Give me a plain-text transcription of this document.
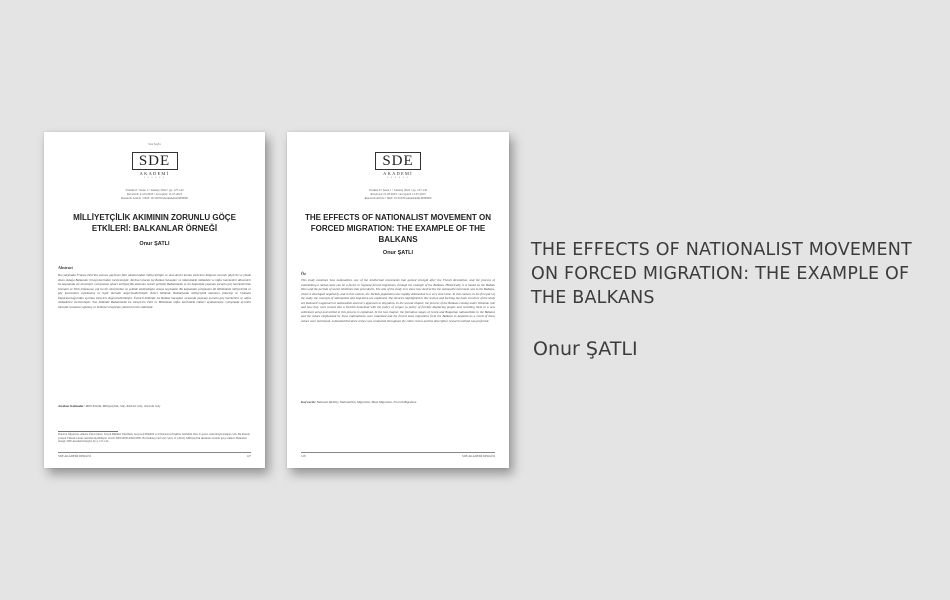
Sıra Sayfa
SDE
AKADEMİ
• • • • • •
Volume 6 • Issue 1 • January 2024 • pp. 127-142
Received: 21.03.2023 • Accepted: 11.07.2023
Research Article • DOI: 10.31679/sdeakademi.0000000
MİLLİYETÇİLİK AKIMININ ZORUNLU GÖÇE ETKİLERİ: BALKANLAR ÖRNEĞİ
Onur ŞATLI
Abstract
Bu çalışmada Fransız Devrimi sonrası güçlenen fikir akımlarından milliyetçiliğin ve ulus-devlet kurma sürecinin bölgesel zorunlu göçlerin ve yönde etken olduğu Balkanlar örneği üzerinden incelenmiştir. Tarihsel olarak ise Balkan Savaşları ve ülkemizdeki mübadele ve nüfus hareketleri dönemleri bu kapsamda ele alınmıştır. Çalışmanın amacı milliyetçilik akımının nesnel gelişimi Balkanlarda ve bu bağlamda yaşanan zorunlu göç hareketlerinin Osmanlı ve Türk nüfusunun yok bu tür süreçlerden ne şekilde etkilendiğini ortaya koymaktır. Bu kapsamda çalışmanın ilk bölümünde milliyetçilik ve göç kavramları açıklanmış ve ilgili literatür değerlendirilmiştir. İkinci bölümde Balkanlarda milliyetçilik akımının yükselişi ve Osmanlı İmparatorluğu'ndan ayrılma süreçleri değerlendirilmiştir. Üçüncü bölümde ise Balkan Savaşları sırasında yaşanan zorunlu göç hareketleri ve nüfus mübadelesi incelenmiştir. Son bölümde Balkanlarda bu süreçlerin Türk ve Müslüman nüfus üzerindeki etkileri açıklanmıştır. Çalışmada ayrıntılı literatür taraması yapılmış ve betimsel araştırma yöntemi tercih edilmiştir.
Anahtar Kelimeler: Milli Kimlik, Milliyetçilik, Göç, Kitlesel Göç, Zorunlu Göç
Doktora Öğrencisi, Ankara Üniversitesi, Sosyal Bilimler Enstitüsü, Sosyoloji Bölümü ve Uluslararası İlişkiler Anabilim Dalı. E-posta: onursatli@example.com. Bu makale yazarın Yüksek Lisans tezinden üretilmiştir. Orcid: 0000-0000-0000-0000. Bu makaleyi atıf için: Şatlı, O. (2024). Milliyetçilik akımının zorunlu göçe etkileri: Balkanlar örneği. SDE Akademi Dergisi, 4(1), 127-142.
SDE AKADEMİ DERGİSİ	127
SDE
AKADEMİ
• • • • • •
Volume 6 • Issue 1 • January 2024 • pp. 127-142
Received: 21.03.2023 • Accepted: 11.07.2023
Research Article • DOI: 10.31679/sdeakademi.0000000
THE EFFECTS OF NATIONALIST MOVEMENT ON FORCED MIGRATION: THE EXAMPLE OF THE BALKANS
Onur ŞATLI
Öz
This study examines how nationalism, one of the intellectual movements that gained strength after the French Revolution, and the process of establishing a nation-state can be a factor in regional forced migrations, through the example of the Balkans. Historically, it is based on the Balkan Wars and the periods of social rebellions that preceded it. The aim of the study is to show how destructive the nationalist movement was in the Balkans, where it developed negatively, and in this context, the Turkish population was rapidly diminished in a very short time. In this context, in the first part of the study, the concepts of nationalism and migration are explained. The theories highlighted in this section and forming the main structure of the study are Kedourie's approach to nationalism and Lee's approach to migration. In the second chapter, the process of the Balkans coming under Ottoman rule and how they were turned into a Turkish homeland with the policy of surgun (a policy of forcibly displacing people and resettling them in a new settlement area) and settled in this process is explained. In the last chapter, the formation stages of Greek and Bulgarian nationalisms in the Balkans and the values emphasized by these nationalisms were examined and the forced mass migrations from the Balkans to Anatolia as a result of these values were mentioned. A detailed literature review was conducted throughout the entire review and the descriptive research method was preferred.
Keywords: National Identity, Nationalism, Migration, Mass Migration, Forced Migration
128	SDE AKADEMİ DERGİSİ
THE EFFECTS OF NATIONALIST MOVEMENT ON FORCED MIGRATION: THE EXAMPLE OF THE BALKANS
Onur ŞATLI
